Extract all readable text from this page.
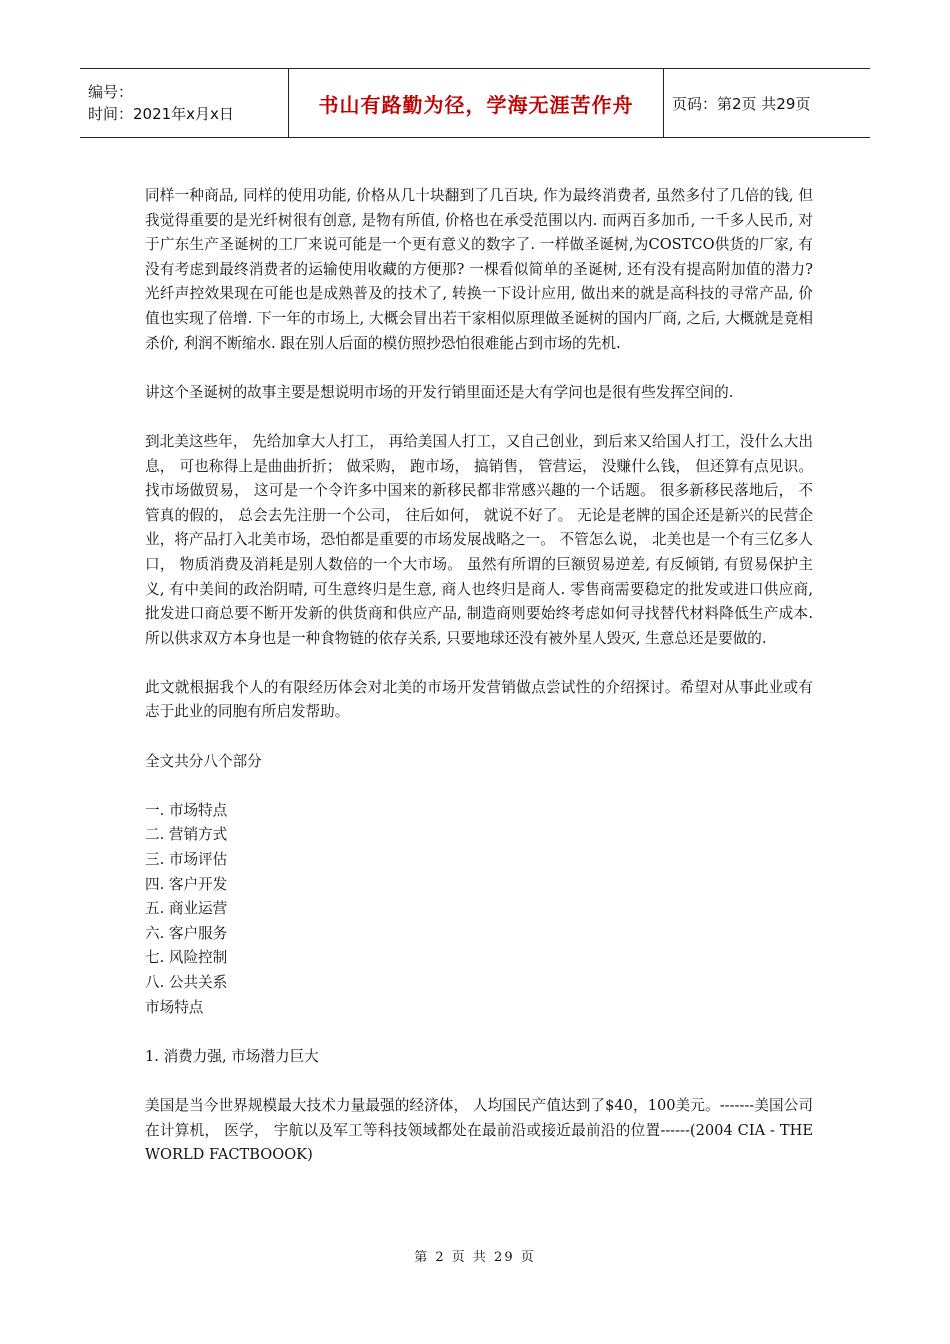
编号：
时间：2021年x月x日	书山有路勤为径，学海无涯苦作舟	页码：第2页 共29页

同样一种商品, 同样的使用功能, 价格从几十块翻到了几百块, 作为最终消费者, 虽然多付了几倍的钱, 但我觉得重要的是光纤树很有创意, 是物有所值, 价格也在承受范围以内. 而两百多加币, 一千多人民币, 对于广东生产圣诞树的工厂来说可能是一个更有意义的数字了. 一样做圣诞树,为COSTCO供货的厂家, 有没有考虑到最终消费者的运输使用收藏的方便那? 一棵看似简单的圣诞树, 还有没有提高附加值的潜力? 光纤声控效果现在可能也是成熟普及的技术了, 转换一下设计应用, 做出来的就是高科技的寻常产品, 价值也实现了倍增. 下一年的市场上, 大概会冒出若干家相似原理做圣诞树的国内厂商, 之后, 大概就是竟相杀价, 利润不断缩水. 跟在别人后面的模仿照抄恐怕很难能占到市场的先机.

讲这个圣诞树的故事主要是想说明市场的开发行销里面还是大有学问也是很有些发挥空间的.

到北美这些年， 先给加拿大人打工， 再给美国人打工，又自己创业，到后来又给国人打工，没什么大出息， 可也称得上是曲曲折折； 做采购， 跑市场， 搞销售， 管营运， 没赚什么钱， 但还算有点见识。 找市场做贸易， 这可是一个令许多中国来的新移民都非常感兴趣的一个话题。 很多新移民落地后， 不管真的假的， 总会去先注册一个公司， 往后如何， 就说不好了。 无论是老牌的国企还是新兴的民营企业，将产品打入北美市场，恐怕都是重要的市场发展战略之一。 不管怎么说， 北美也是一个有三亿多人口， 物质消费及消耗是别人数倍的一个大市场。 虽然有所谓的巨额贸易逆差, 有反倾销, 有贸易保护主义, 有中美间的政治阴晴, 可生意终归是生意, 商人也终归是商人. 零售商需要稳定的批发或进口供应商, 批发进口商总要不断开发新的供货商和供应产品, 制造商则要始终考虑如何寻找替代材料降低生产成本. 所以供求双方本身也是一种食物链的依存关系, 只要地球还没有被外星人毁灭, 生意总还是要做的.

此文就根据我个人的有限经历体会对北美的市场开发营销做点尝试性的介绍探讨。希望对从事此业或有志于此业的同胞有所启发帮助。

全文共分八个部分

一. 市场特点

二. 营销方式

三. 市场评估

四. 客户开发

五. 商业运营

六. 客户服务

七. 风险控制

八. 公共关系

市场特点

1. 消费力强, 市场潜力巨大

美国是当今世界规模最大技术力量最强的经济体， 人均国民产值达到了$40，100美元。-------美国公司在计算机， 医学， 宇航以及军工等科技领域都处在最前沿或接近最前沿的位置------(2004 CIA - THE WORLD FACTBOOOK)

第 2 页 共 29 页
